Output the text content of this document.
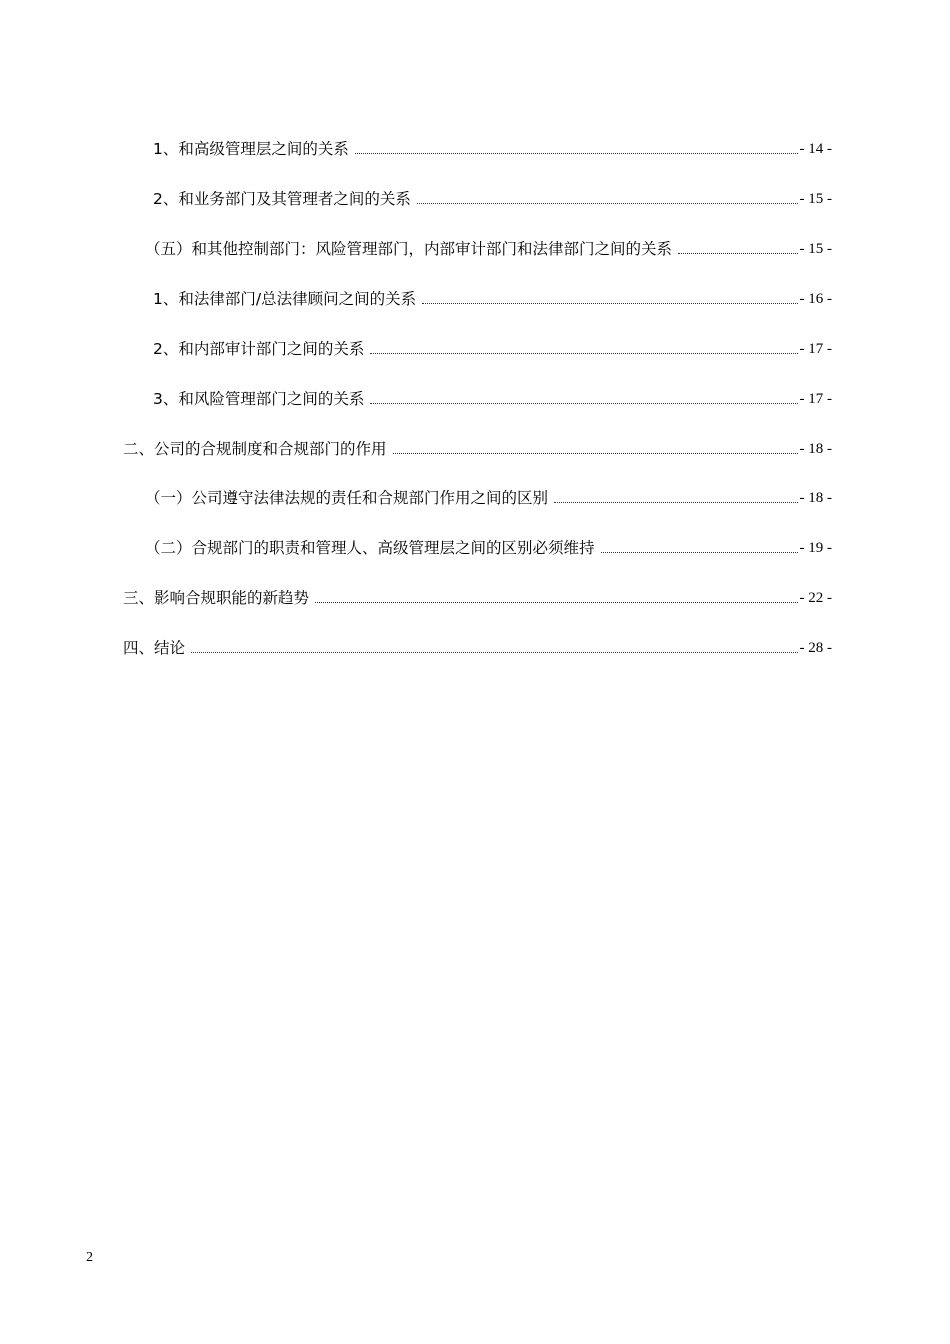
1、和高级管理层之间的关系	- 14 -
2、和业务部门及其管理者之间的关系	- 15 -
（五）和其他控制部门：风险管理部门，内部审计部门和法律部门之间的关系	- 15 -
1、和法律部门/总法律顾问之间的关系	- 16 -
2、和内部审计部门之间的关系	- 17 -
3、和风险管理部门之间的关系	- 17 -
二、公司的合规制度和合规部门的作用	- 18 -
（一）公司遵守法律法规的责任和合规部门作用之间的区别	- 18 -
（二）合规部门的职责和管理人、高级管理层之间的区别必须维持	- 19 -
三、影响合规职能的新趋势	- 22 -
四、结论	- 28 -
2
